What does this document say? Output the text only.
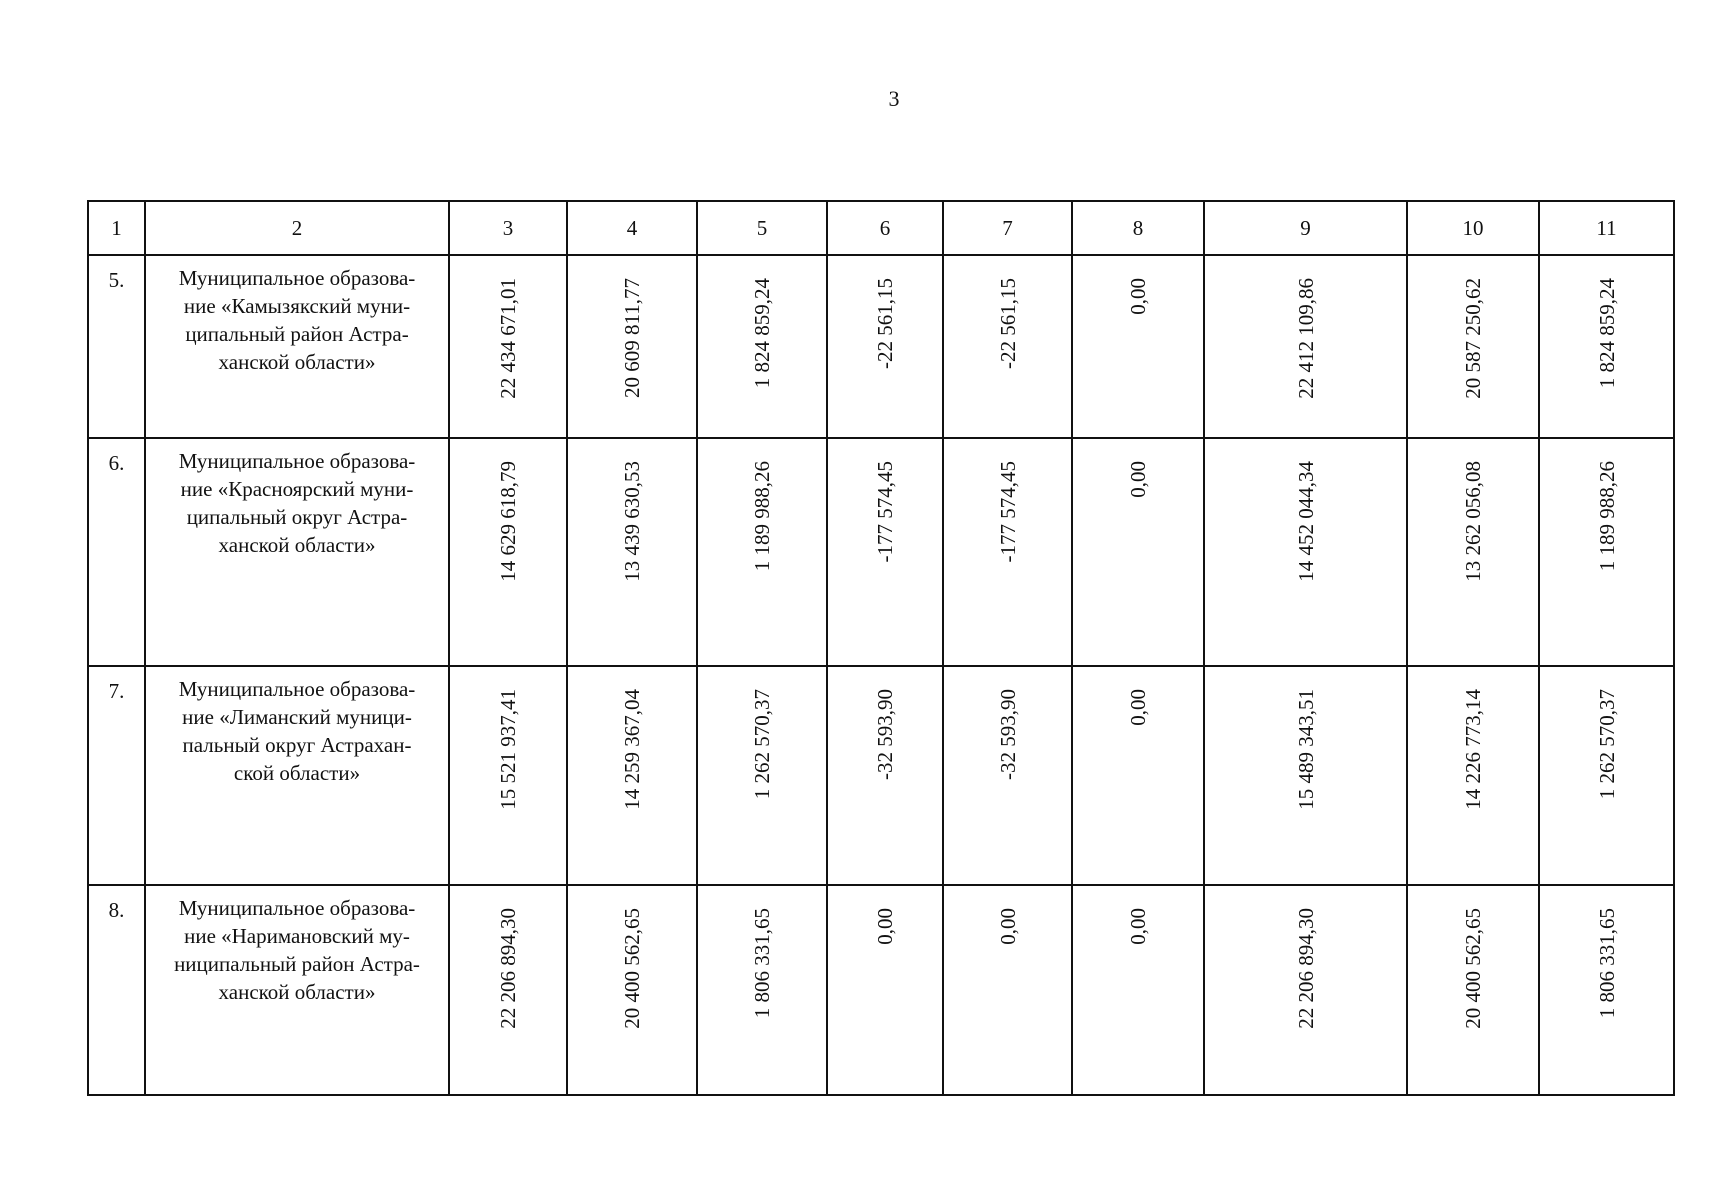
3
1	2	3	4	5	6	7	8	9	10	11
5.	Муниципальное образова-
ние «Камызякский муни-
ципальный район Астра-
ханской области»	22 434 671,01	20 609 811,77	1 824 859,24	-22 561,15	-22 561,15	0,00	22 412 109,86	20 587 250,62	1 824 859,24

6.	Муниципальное образова-
ние «Красноярский муни-
ципальный округ Астра-
ханской области»	14 629 618,79	13 439 630,53	1 189 988,26	-177 574,45	-177 574,45	0,00	14 452 044,34	13 262 056,08	1 189 988,26

7.	Муниципальное образова-
ние «Лиманский муници-
пальный округ Астрахан-
ской области»	15 521 937,41	14 259 367,04	1 262 570,37	-32 593,90	-32 593,90	0,00	15 489 343,51	14 226 773,14	1 262 570,37

8.	Муниципальное образова-
ние «Наримановский му-
ниципальный район Астра-
ханской области»	22 206 894,30	20 400 562,65	1 806 331,65	0,00	0,00	0,00	22 206 894,30	20 400 562,65	1 806 331,65
